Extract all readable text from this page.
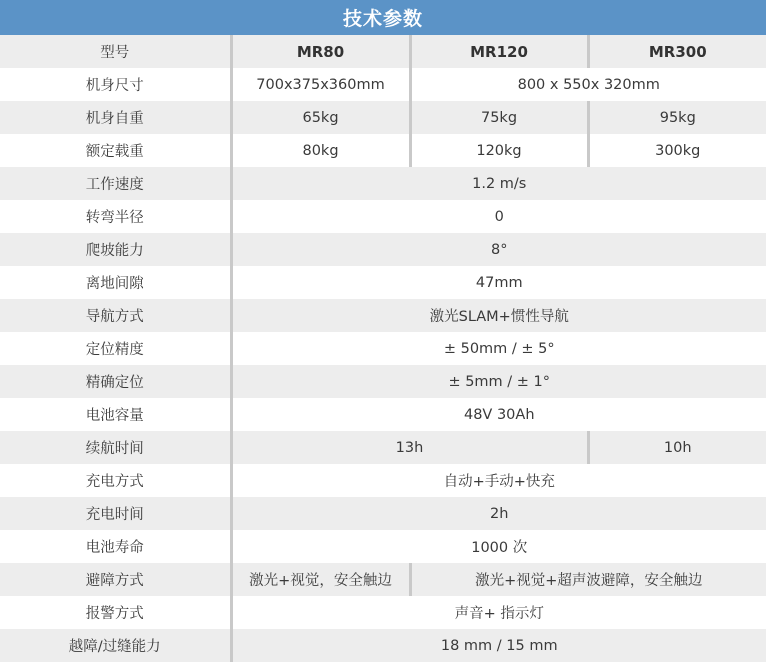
技术参数
型号	MR80	MR120	MR300
机身尺寸	700x375x360mm	800 x 550x 320mm	
机身自重	65kg	75kg	95kg
额定载重	80kg	120kg	300kg
工作速度	1.2 m/s		
转弯半径	0		
爬坡能力	8°		
离地间隙	47mm		
导航方式	激光SLAM+惯性导航		
定位精度	± 50mm / ± 5°		
精确定位	± 5mm / ± 1°		
电池容量	48V 30Ah		
续航时间	13h		10h
充电方式	自动+手动+快充		
充电时间	2h		
电池寿命	1000 次		
避障方式	激光+视觉，安全触边	激光+视觉+超声波避障，安全触边	
报警方式	声音+ 指示灯		
越障/过缝能力	18 mm / 15 mm		
